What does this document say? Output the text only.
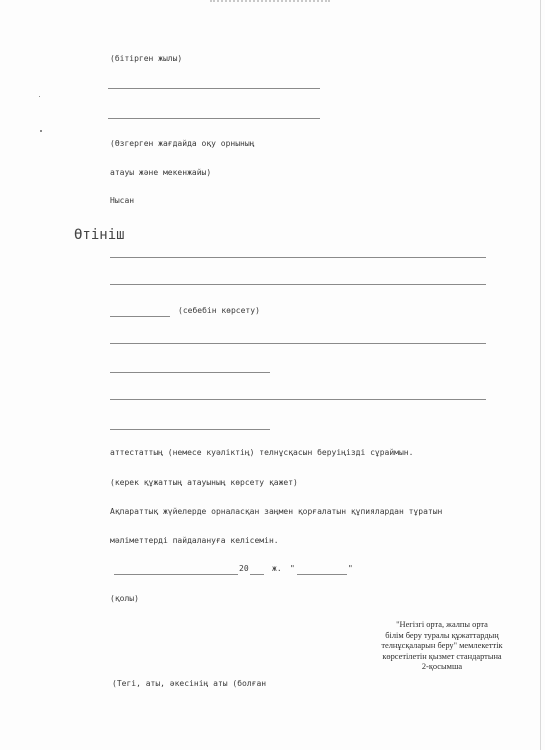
(бітірген жылы)
(Өзгерген жағдайда оқу орнының
атауы және мекенжайы)
Нысан
Өтініш
(себебін көрсету)
аттестаттың (немесе куәліктің) телнұсқасын беруіңізді сұраймын.
(керек құжаттың атауының көрсету қажет)
Ақпараттық жүйелерде орналасқан заңмен қорғалатын құпиялардан тұратын
мәліметтерді пайдалануға келісемін.
20	ж. "	"
(қолы)
"Негізгі орта, жалпы орта
білім беру туралы құжаттардың
телнұсқаларын беру" мемлекеттік
көрсетілетін қызмет стандартына
2-қосымша
(Тегі, аты, әкесінің аты (болған
